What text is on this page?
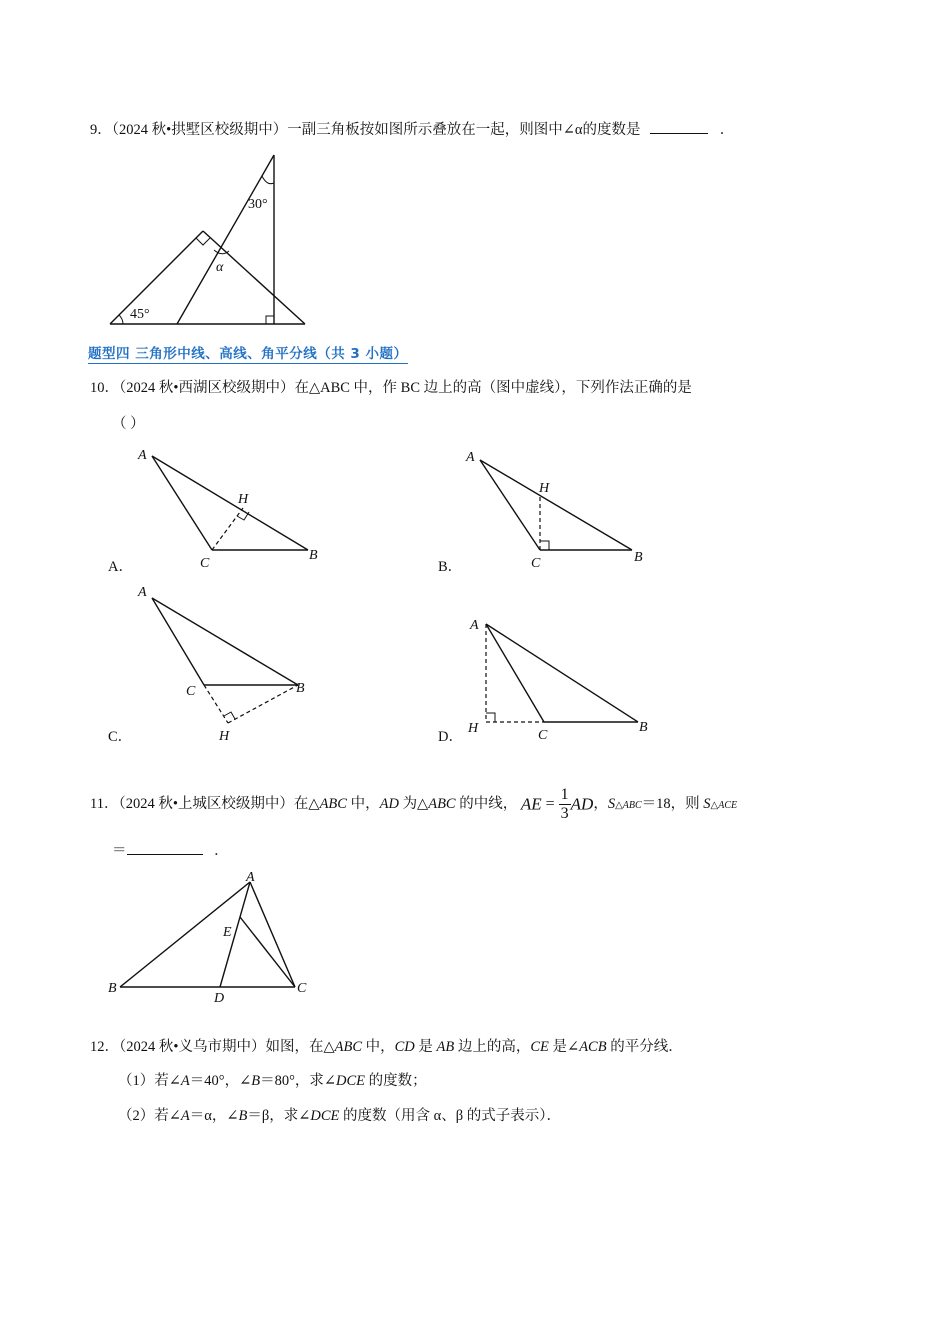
9．（2024 秋•拱墅区校级期中）一副三角板按如图所示叠放在一起，则图中∠α的度数是	．
30°
α
45°
题型四 三角形中线、高线、角平分线（共 3 小题）
10．（2024 秋•西湖区校级期中）在△ABC 中，作 BC 边上的高（图中虚线），下列作法正确的是
（ ）
A．
A
H
C
B
B．
A
H
C	B
C．
A
C	B
H	D．
A
H	C
B
11．（2024 秋•上城区校级期中）在△ABC 中，AD 为△ABC 的中线， AE = $\frac{1}{3}$ AD，S△ABC＝18，则 S△ACE
＝	．
A
E
B
D
C
12．（2024 秋•义乌市期中）如图，在△ABC 中，CD 是 AB 边上的高，CE 是∠ACB 的平分线．
（1）若∠A＝40°，∠B＝80°，求∠DCE 的度数；
（2）若∠A＝α，∠B＝β，求∠DCE 的度数（用含 α、β 的式子表示）．
